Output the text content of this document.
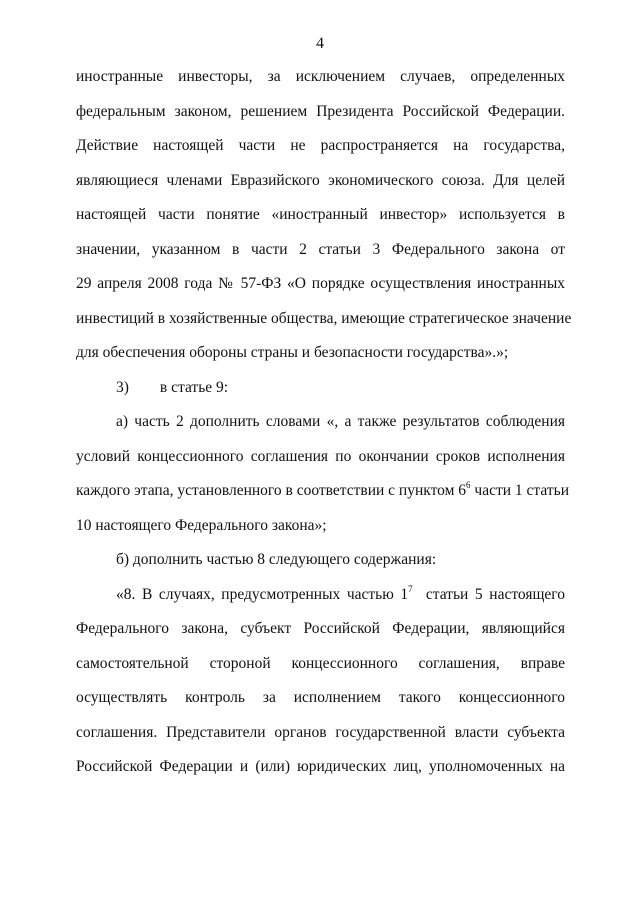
4
иностранные инвесторы, за исключением случаев, определенных
федеральным законом, решением Президента Российской Федерации.
Действие настоящей части не распространяется на государства,
являющиеся членами Евразийского экономического союза. Для целей
настоящей части понятие «иностранный инвестор» используется в
значении, указанном в части 2 статьи 3 Федерального закона от
29 апреля 2008 года № 57-ФЗ «О порядке осуществления иностранных
инвестиций в хозяйственные общества, имеющие стратегическое значение
для обеспечения обороны страны и безопасности государства».»;
3)        в статье 9:
а) часть 2 дополнить словами «, а также результатов соблюдения
условий концессионного соглашения по окончании сроков исполнения
каждого этапа, установленного в соответствии с пунктом $6^6$ части 1 статьи
10 настоящего Федерального закона»;
б) дополнить частью 8 следующего содержания:
«8. В случаях, предусмотренных частью $1^7$  статьи 5 настоящего
Федерального закона, субъект Российской Федерации, являющийся
самостоятельной стороной концессионного соглашения, вправе
осуществлять контроль за исполнением такого концессионного
соглашения. Представители органов государственной власти субъекта
Российской Федерации и (или) юридических лиц, уполномоченных на
